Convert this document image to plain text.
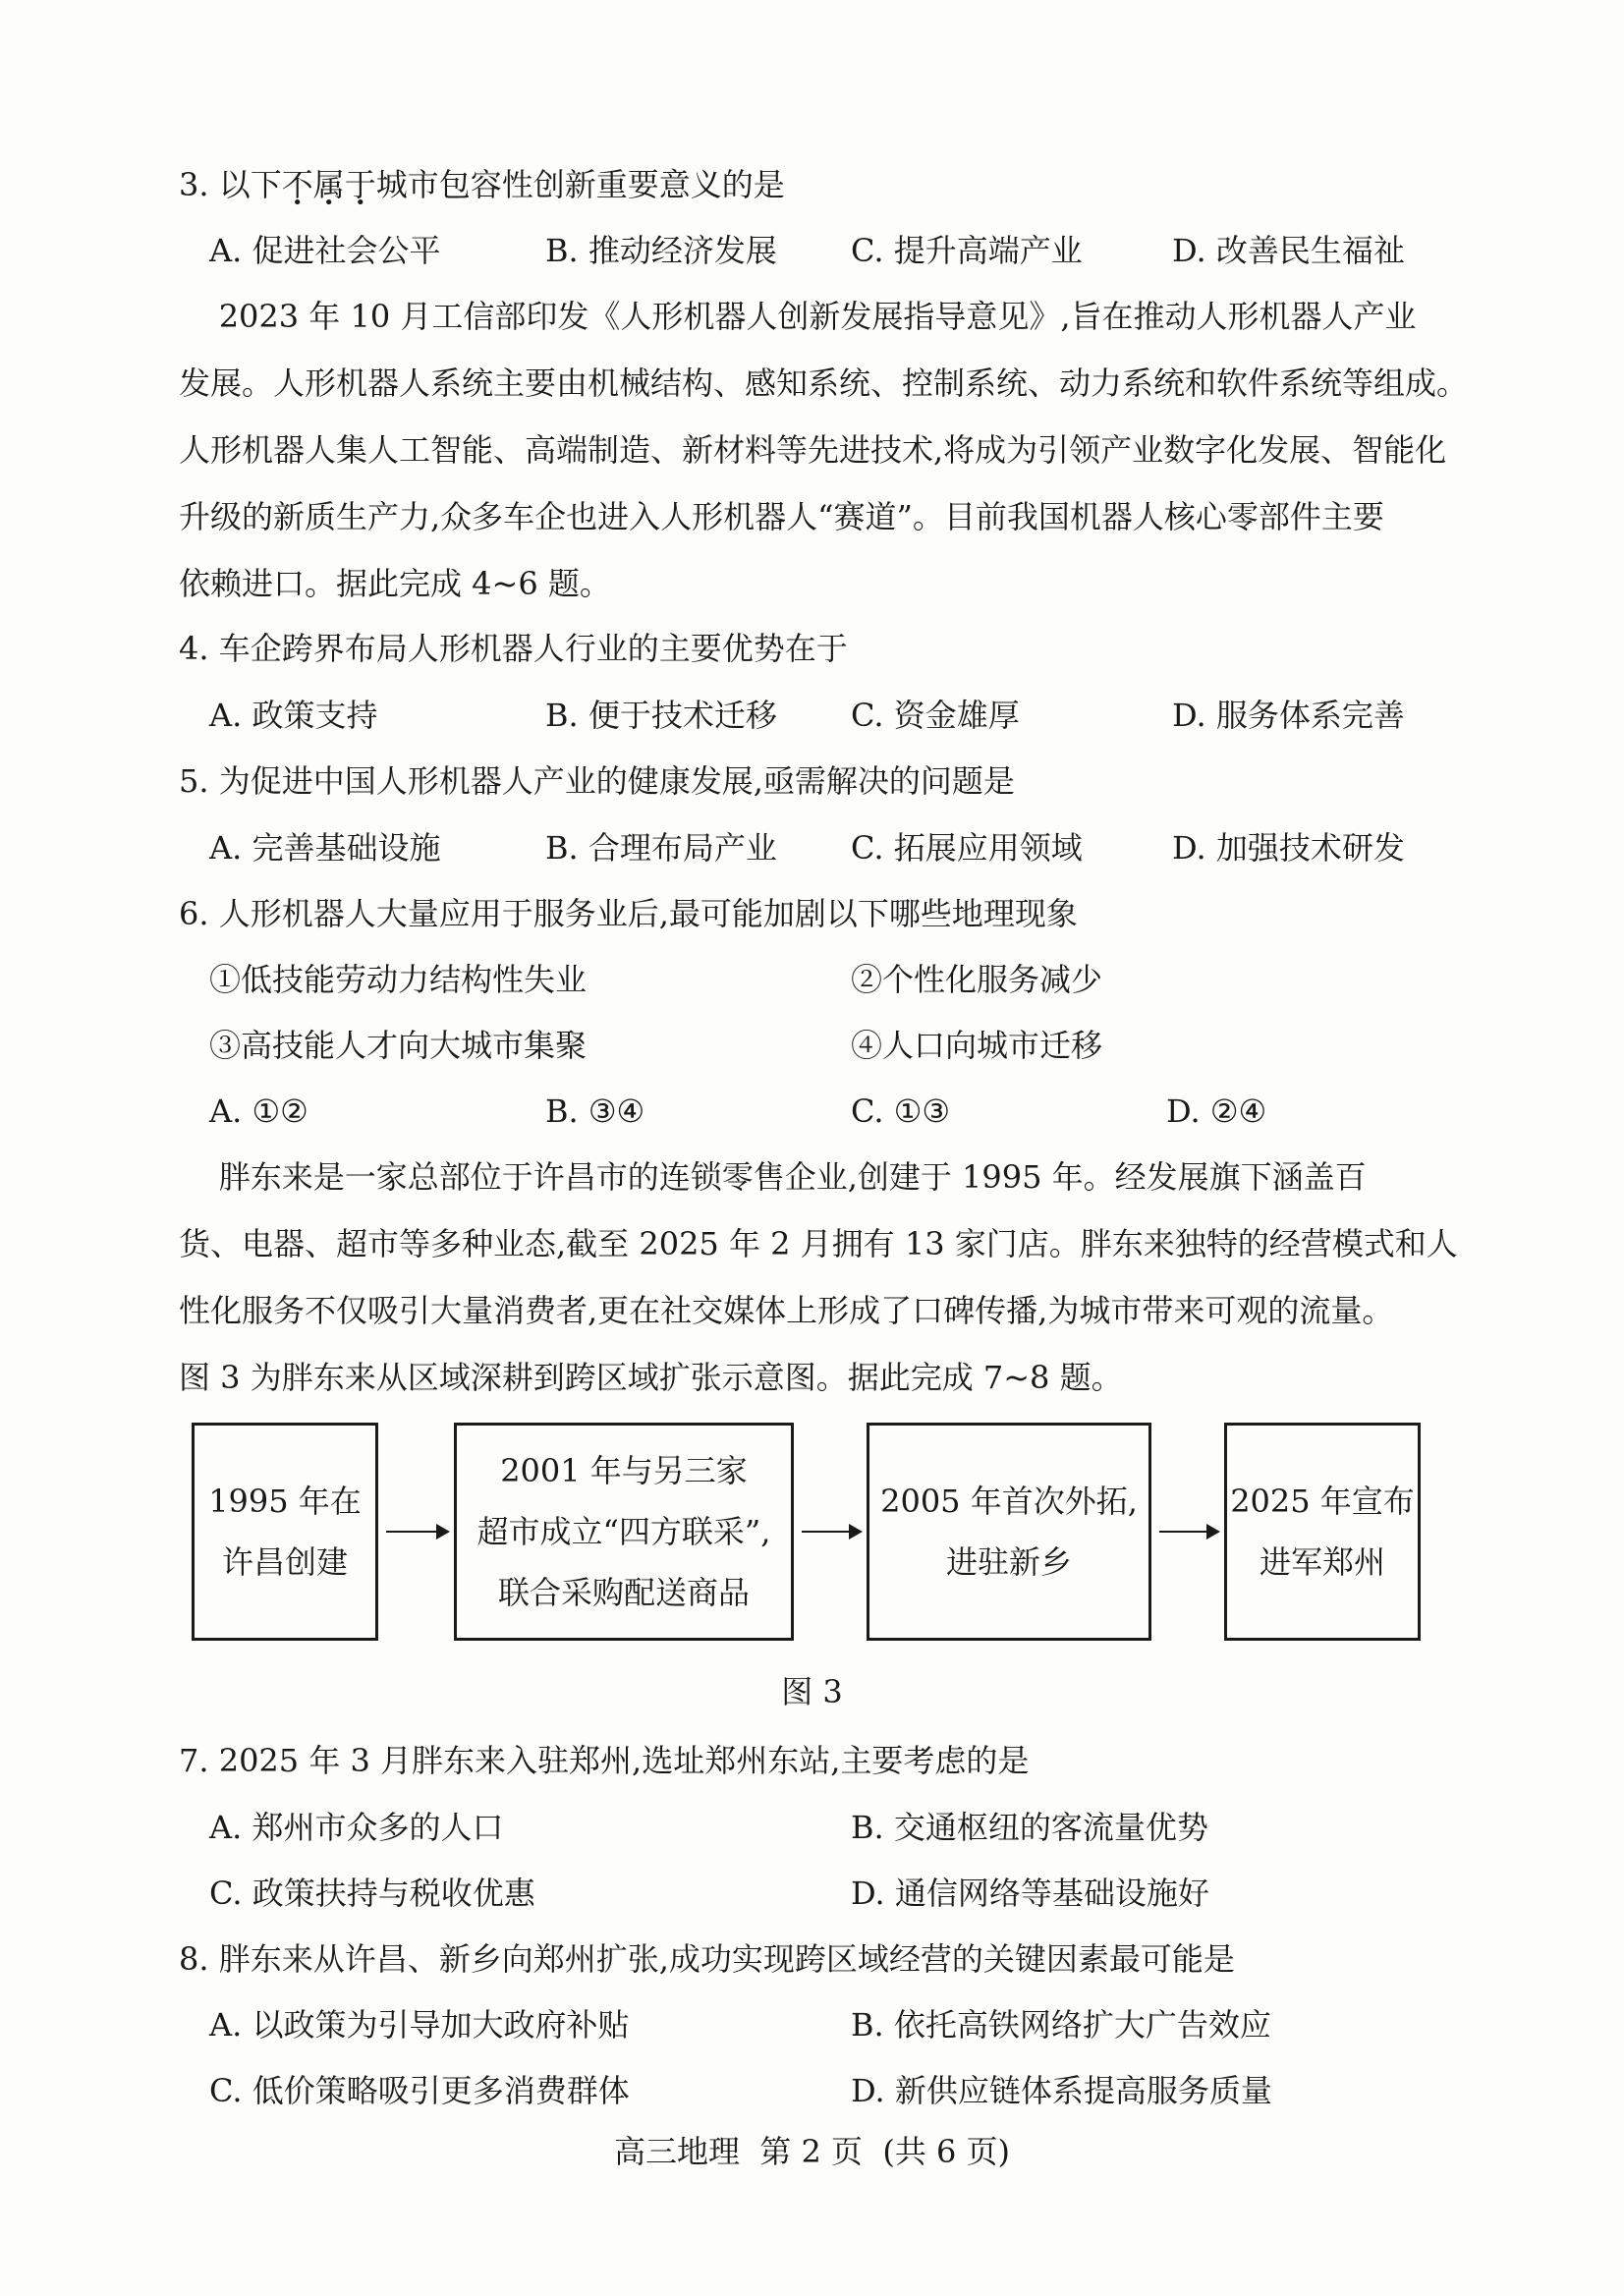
3. 以下不属于城市包容性创新重要意义的是
A. 促进社会公平	B. 推动经济发展 C. 提升高端产业	D. 改善民生福祉
2023 年 10 月工信部印发《人形机器人创新发展指导意见》,旨在推动人形机器人产业
发展。人形机器人系统主要由机械结构、感知系统、控制系统、动力系统和软件系统等组成。
人形机器人集人工智能、高端制造、新材料等先进技术,将成为引领产业数字化发展、智能化
升级的新质生产力,众多车企也进入人形机器人“赛道”。目前我国机器人核心零部件主要
依赖进口。据此完成 4~6 题。
4. 车企跨界布局人形机器人行业的主要优势在于
A. 政策支持	B. 便于技术迁移 C. 资金雄厚	D. 服务体系完善
5. 为促进中国人形机器人产业的健康发展,亟需解决的问题是
A. 完善基础设施	B. 合理布局产业 C. 拓展应用领域	D. 加强技术研发
6. 人形机器人大量应用于服务业后,最可能加剧以下哪些地理现象
①低技能劳动力结构性失业	②个性化服务减少
③高技能人才向大城市集聚	④人口向城市迁移
A. ①②	B. ③④	C. ①③	D. ②④
胖东来是一家总部位于许昌市的连锁零售企业,创建于 1995 年。经发展旗下涵盖百
货、电器、超市等多种业态,截至 2025 年 2 月拥有 13 家门店。胖东来独特的经营模式和人
性化服务不仅吸引大量消费者,更在社交媒体上形成了口碑传播,为城市带来可观的流量。
图 3 为胖东来从区域深耕到跨区域扩张示意图。据此完成 7~8 题。
1995 年在
许昌创建
2001 年与另三家
超市成立“四方联采”,
联合采购配送商品
2005 年首次外拓,
进驻新乡
2025 年宣布
进军郑州
图 3
7. 2025 年 3 月胖东来入驻郑州,选址郑州东站,主要考虑的是
A. 郑州市众多的人口	B. 交通枢纽的客流量优势
C. 政策扶持与税收优惠	D. 通信网络等基础设施好
8. 胖东来从许昌、新乡向郑州扩张,成功实现跨区域经营的关键因素最可能是
A. 以政策为引导加大政府补贴	B. 依托高铁网络扩大广告效应
C. 低价策略吸引更多消费群体	D. 新供应链体系提高服务质量
高三地理  第 2 页  (共 6 页)
